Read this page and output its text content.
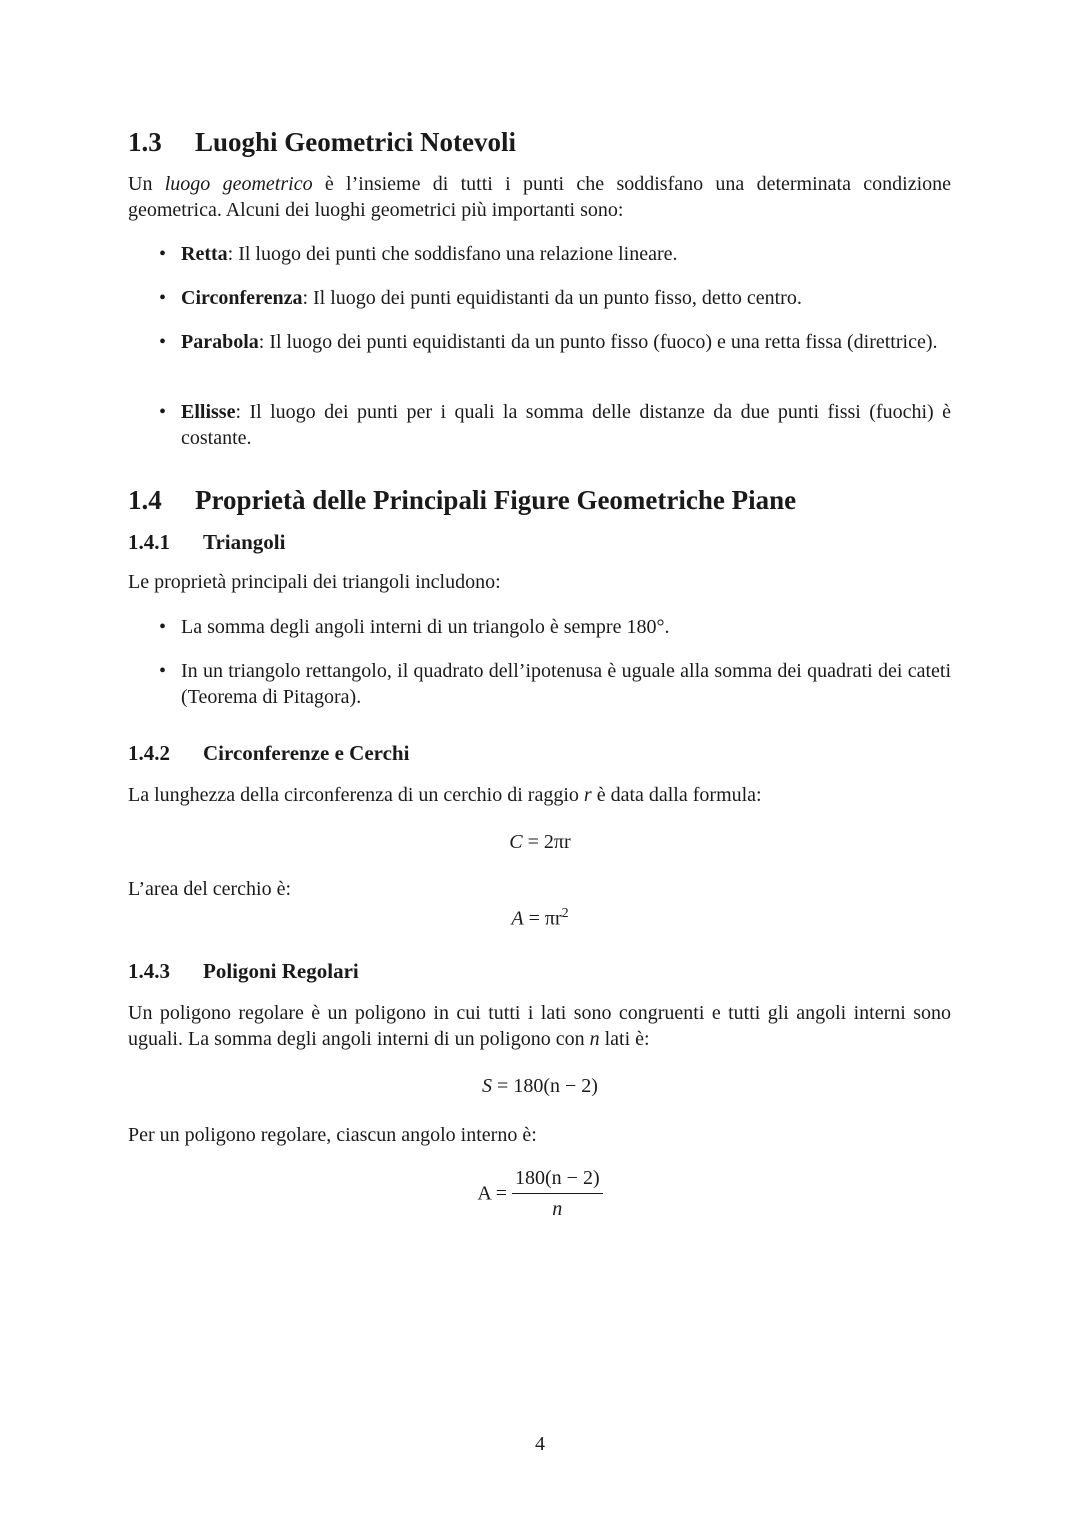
1.3 Luoghi Geometrici Notevoli
Un luogo geometrico è l’insieme di tutti i punti che soddisfano una determinata condizione geometrica. Alcuni dei luoghi geometrici più importanti sono:
• Retta: Il luogo dei punti che soddisfano una relazione lineare.
• Circonferenza: Il luogo dei punti equidistanti da un punto fisso, detto centro.
• Parabola: Il luogo dei punti equidistanti da un punto fisso (fuoco) e una retta fissa (direttrice).
• Ellisse: Il luogo dei punti per i quali la somma delle distanze da due punti fissi (fuochi) è costante.
1.4 Proprietà delle Principali Figure Geometriche Piane
1.4.1 Triangoli
Le proprietà principali dei triangoli includono:
• La somma degli angoli interni di un triangolo è sempre 180°.
• In un triangolo rettangolo, il quadrato dell’ipotenusa è uguale alla somma dei quadrati dei cateti (Teorema di Pitagora).
1.4.2 Circonferenze e Cerchi
La lunghezza della circonferenza di un cerchio di raggio r è data dalla formula:
C = 2πr
L’area del cerchio è:
$A = \pi r^2$
1.4.3 Poligoni Regolari
Un poligono regolare è un poligono in cui tutti i lati sono congruenti e tutti gli angoli interni sono uguali. La somma degli angoli interni di un poligono con n lati è:
S = 180(n − 2)
Per un poligono regolare, ciascun angolo interno è:
$A = \frac{180(n - 2)}{n}$
4
